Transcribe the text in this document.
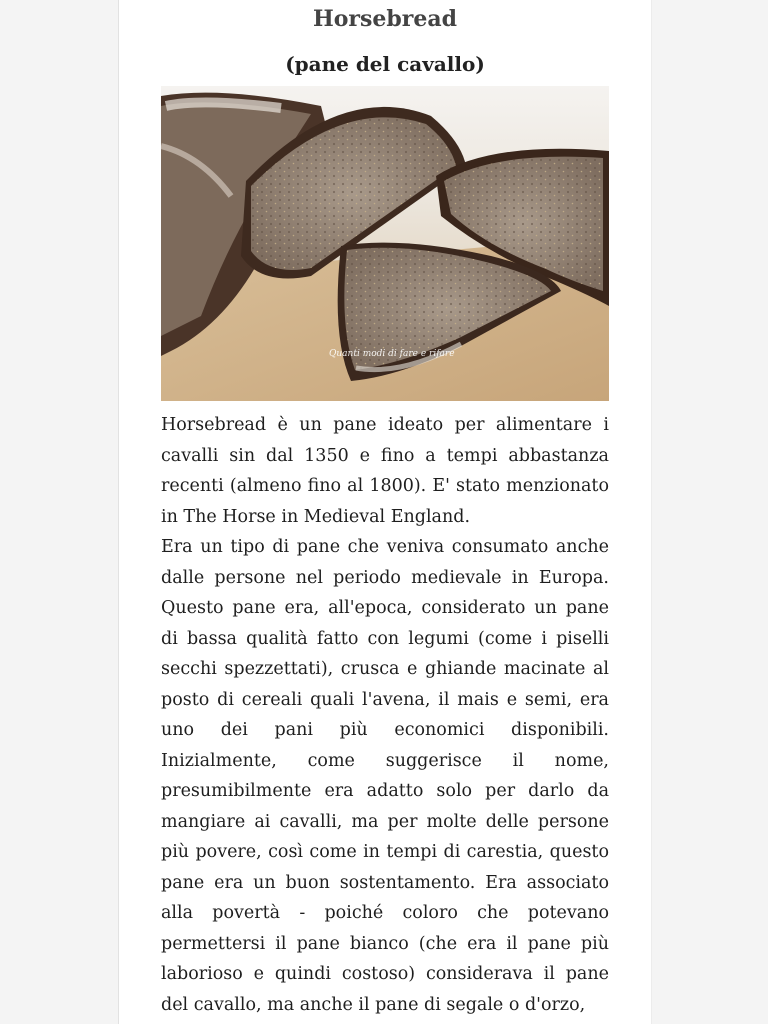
Horsebread
(pane del cavallo)
Quanti modi di fare e rifare

Horsebread è un pane ideato per alimentare i cavalli sin dal 1350 e fino a tempi abbastanza recenti (almeno fino al 1800). E' stato menzionato in The Horse in Medieval England.

Era un tipo di pane che veniva consumato anche dalle persone nel periodo medievale in Europa. Questo pane era, all'epoca, considerato un pane di bassa qualità fatto con legumi (come i piselli secchi spezzettati), crusca e ghiande macinate al posto di cereali quali l'avena, il mais e semi, era uno dei pani più economici disponibili. Inizialmente, come suggerisce il nome, presumibilmente era adatto solo per darlo da mangiare ai cavalli, ma per molte delle persone più povere, così come in tempi di carestia, questo pane era un buon sostentamento. Era associato alla povertà - poiché coloro che potevano permettersi il pane bianco (che era il pane più laborioso e quindi costoso) considerava il pane del cavallo, ma anche il pane di segale o d'orzo,
